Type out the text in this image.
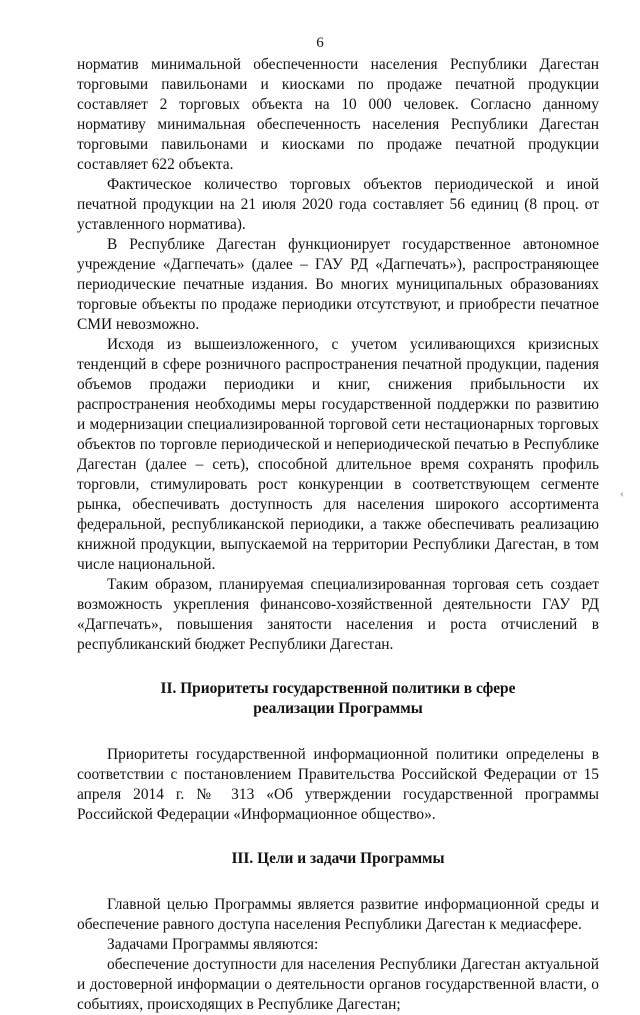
6

норматив минимальной обеспеченности населения Республики Дагестан торговыми павильонами и киосками по продаже печатной продукции составляет 2 торговых объекта на 10 000 человек. Согласно данному нормативу минимальная обеспеченность населения Республики Дагестан торговыми павильонами и киосками по продаже печатной продукции составляет 622 объекта.

Фактическое количество торговых объектов периодической и иной печатной продукции на 21 июля 2020 года составляет 56 единиц (8 проц. от уставленного норматива).

В Республике Дагестан функционирует государственное автономное учреждение «Дагпечать» (далее – ГАУ РД «Дагпечать»), распространяющее периодические печатные издания. Во многих муниципальных образованиях торговые объекты по продаже периодики отсутствуют, и приобрести печатное СМИ невозможно.

Исходя из вышеизложенного, с учетом усиливающихся кризисных тенденций в сфере розничного распространения печатной продукции, падения объемов продажи периодики и книг, снижения прибыльности их распространения необходимы меры государственной поддержки по развитию и модернизации специализированной торговой сети нестационарных торговых объектов по торговле периодической и непериодической печатью в Республике Дагестан (далее – сеть), способной длительное время сохранять профиль торговли, стимулировать рост конкуренции в соответствующем сегменте рынка, обеспечивать доступность для населения широкого ассортимента федеральной, республиканской периодики, а также обеспечивать реализацию книжной продукции, выпускаемой на территории Республики Дагестан, в том числе национальной.

Таким образом, планируемая специализированная торговая сеть создает возможность укрепления финансово-хозяйственной деятельности ГАУ РД «Дагпечать», повышения занятости населения и роста отчислений в республиканский бюджет Республики Дагестан.

II. Приоритеты государственной политики в сфере

реализации Программы

Приоритеты государственной информационной политики определены в соответствии с постановлением Правительства Российской Федерации от 15 апреля 2014 г. № 313 «Об утверждении государственной программы Российской Федерации «Информационное общество».

III. Цели и задачи Программы

Главной целью Программы является развитие информационной среды и обеспечение равного доступа населения Республики Дагестан к медиасфере.

Задачами Программы являются:

обеспечение доступности для населения Республики Дагестан актуальной и достоверной информации о деятельности органов государственной власти, о событиях, происходящих в Республике Дагестан;

‹
